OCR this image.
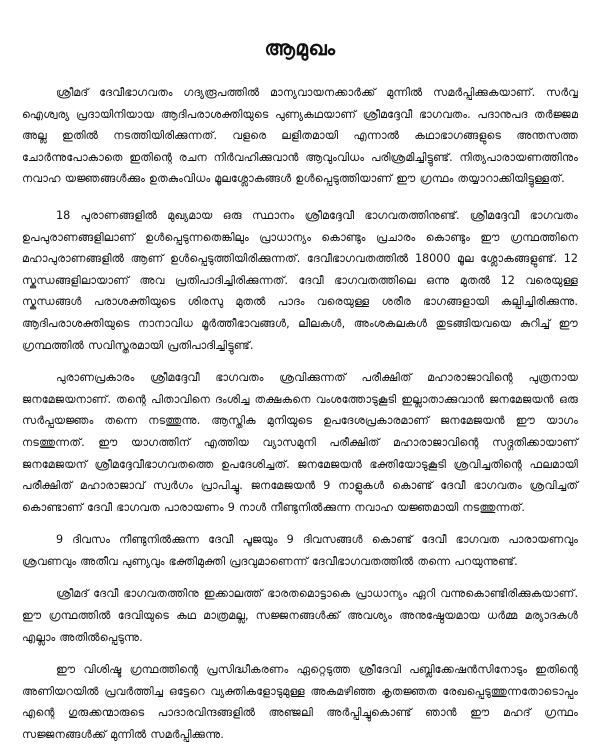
ആമുഖം

ശ്രീമദ് ദേവീഭാഗവതം ഗദ്യരൂപത്തിൽ മാന്യവായനക്കാർക്ക് മുന്നിൽ സമർപ്പിക്കുകയാണ്. സർവ്വ ഐശ്വര്യ പ്രദായിനിയായ ആദിപരാശക്തിയുടെ പുണ്യകഥയാണ് ശ്രീമദ്ദേവീ ഭാഗവതം. പദാനുപദ തർജ്ജമ അല്ല ഇതിൽ നടത്തിയിരിക്കുന്നത്. വളരെ ലളിതമായി എന്നാൽ കഥാഭാഗങ്ങളുടെ അന്തസത്ത ചോർന്നുപോകാതെ ഇതിന്റെ രചന നിർവഹിക്കുവാൻ ആവുംവിധം പരിശ്രമിച്ചിട്ടുണ്ട്. നിത്യപാരായണത്തിനും നവാഹ യജ്ഞങ്ങൾക്കും ഉതകുംവിധം മൂലശ്ലോകങ്ങൾ ഉൾപ്പെടുത്തിയാണ് ഈ ഗ്രന്ഥം തയ്യാറാക്കിയിട്ടുള്ളത്.

18 പുരാണങ്ങളിൽ മുഖ്യമായ ഒരു സ്ഥാനം ശ്രീമദ്ദേവീ ഭാഗവതത്തിനുണ്ട്. ശ്രീമദ്ദേവീ ഭാഗവതം ഉപപുരാണങ്ങളിലാണ് ഉൾപ്പെടുന്നതെങ്കിലും പ്രാധാന്യം കൊണ്ടും പ്രചാരം കൊണ്ടും ഈ ഗ്രന്ഥത്തിനെ മഹാപുരാണങ്ങളിൽ ആണ് ഉൾപ്പെടുത്തിയിരിക്കുന്നത്. ദേവീഭാഗവതത്തിൽ 18000 മൂല ശ്ലോകങ്ങളുണ്ട്. 12 സ്കന്ധങ്ങളിലായാണ് അവ പ്രതിപാദിച്ചിരിക്കുന്നത്. ദേവീ ഭാഗവതത്തിലെ ഒന്നു മുതൽ 12 വരെയുള്ള സ്കന്ധങ്ങൾ പരാശക്തിയുടെ ശിരസു മുതൽ പാദം വരെയുള്ള ശരീര ഭാഗങ്ങളായി കല്പിച്ചിരിക്കുന്നു. ആദിപരാശക്തിയുടെ നാനാവിധ മൂർത്തീഭാവങ്ങൾ, ലീലകൾ, അംശകലകൾ തുടങ്ങിയവയെ കുറിച്ച് ഈ ഗ്രന്ഥത്തിൽ സവിസ്തരമായി പ്രതിപാദിച്ചിട്ടുണ്ട്.

പുരാണപ്രകാരം ശ്രീമദ്ദേവീ ഭാഗവതം ശ്രവിക്കുന്നത് പരീക്ഷിത് മഹാരാജാവിന്റെ പുത്രനായ ജനമേജയനാണ്. തന്റെ പിതാവിനെ ദംശിച്ച തക്ഷകനെ വംശത്തോടുകൂടി ഇല്ലാതാക്കുവാൻ ജനമേജയൻ ഒരു സർപ്പയജ്ഞം തന്നെ നടത്തുന്നു. ആസ്തിക മുനിയുടെ ഉപദേശപ്രകാരമാണ് ജനമേജയൻ ഈ യാഗം നടത്തുന്നത്. ഈ യാഗത്തിന് എത്തിയ വ്യാസമുനി പരീക്ഷിത് മഹാരാജാവിന്റെ സദ്ഗതിക്കായാണ് ജനമേജയന് ശ്രീമദ്ദേവീഭാഗവതത്തെ ഉപദേശിച്ചത്. ജനമേജയൻ ഭക്തിയോടുകൂടി ശ്രവിച്ചതിന്റെ ഫലമായി പരീക്ഷിത് മഹാരാജാവ് സ്വർഗം പ്രാപിച്ചു. ജനമേജയൻ 9 നാളുകൾ കൊണ്ട് ദേവീ ഭാഗവതം ശ്രവിച്ചത് കൊണ്ടാണ് ദേവീ ഭാഗവത പാരായണം 9 നാൾ നീണ്ടുനിൽക്കുന്ന നവാഹ യജ്ഞമായി നടത്തുന്നത്.

9 ദിവസം നീണ്ടുനിൽക്കുന്ന ദേവീ പൂജയും 9 ദിവസങ്ങൾ കൊണ്ട് ദേവീ ഭാഗവത പാരായണവും ശ്രവണവും അതീവ പുണ്യവും ഭക്തിമുക്തി പ്രദവുമാണെന്ന് ദേവീഭാഗവതത്തിൽ തന്നെ പറയുന്നുണ്ട്.

ശ്രീമദ് ദേവീ ഭാഗവതത്തിനു ഇക്കാലത്ത് ഭാരതമൊട്ടാകെ പ്രാധാന്യം ഏറി വന്നുകൊണ്ടിരിക്കുകയാണ്. ഈ ഗ്രന്ഥത്തിൽ ദേവിയുടെ കഥ മാത്രമല്ല, സജ്ജനങ്ങൾക്ക് അവശ്യം അനുഷ്ഠേയമായ ധർമ്മ മര്യാദകൾ എല്ലാം അതിൽപ്പെടുന്നു.

ഈ വിശിഷ്ട ഗ്രന്ഥത്തിന്റെ പ്രസിദ്ധീകരണം ഏറ്റെടുത്ത ശ്രീദേവി പബ്ലിക്കേഷൻസിനോടും ഇതിന്റെ അണിയറയിൽ പ്രവർത്തിച്ച ഒട്ടേറെ വ്യക്തികളോടുമുള്ള അകമഴിഞ്ഞ കൃതജ്ഞത രേഖപ്പെടുത്തുന്നതോടൊപ്പം എന്റെ ഗുരുക്കന്മാരുടെ പാദാരവിന്ദങ്ങളിൽ അഞ്ജലി അർപ്പിച്ചുകൊണ്ട് ഞാൻ ഈ മഹദ് ഗ്രന്ഥം സജ്ജനങ്ങൾക്ക് മുന്നിൽ സമർപ്പിക്കുന്നു.
